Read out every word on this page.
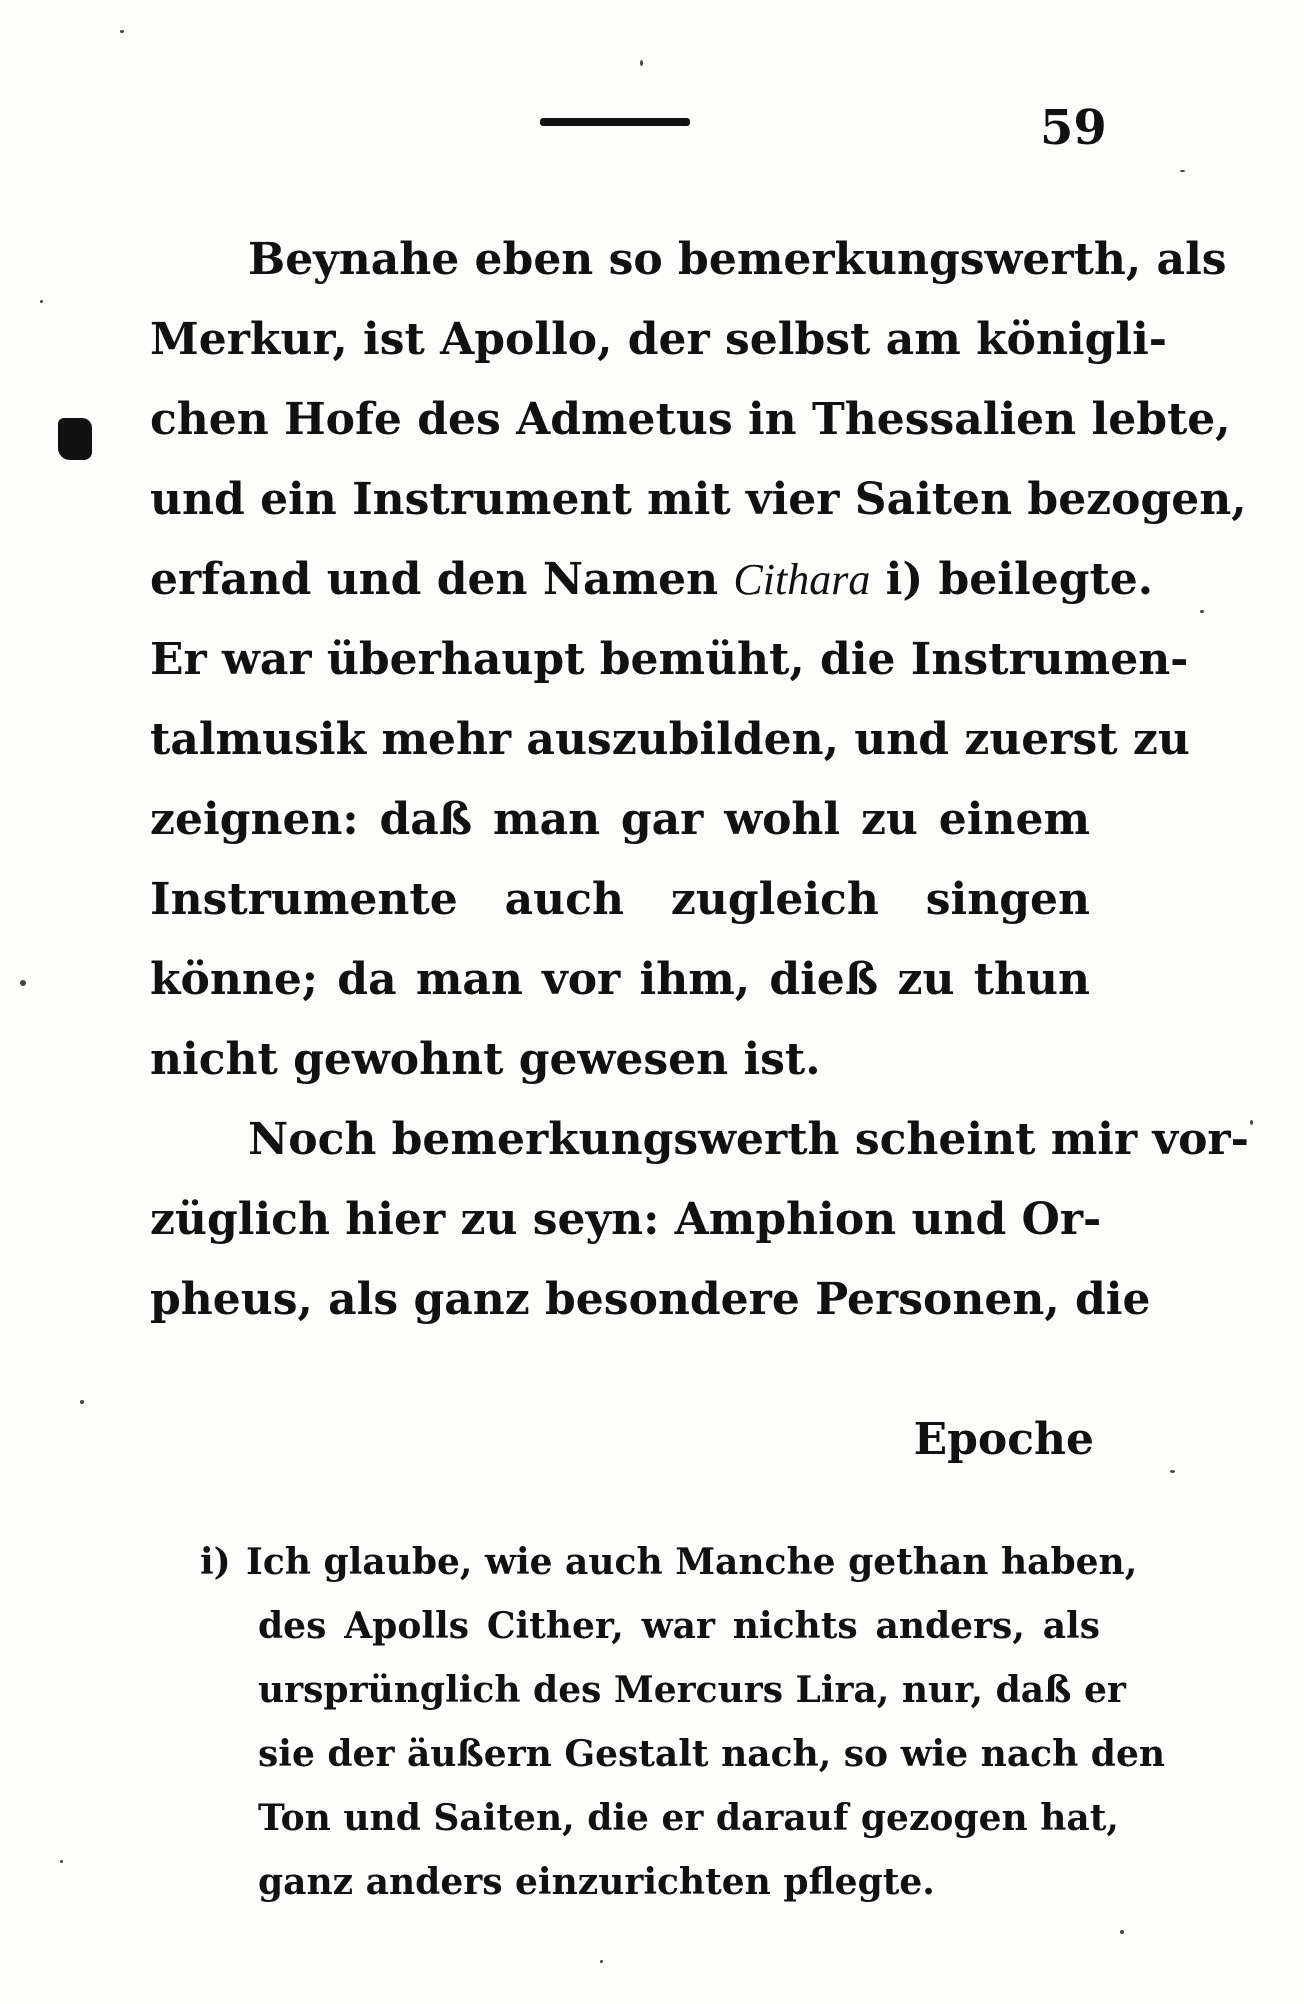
59
Beynahe eben so bemerkungswerth, als
Merkur, ist Apollo, der selbst am königli-
chen Hofe des Admetus in Thessalien lebte,
und ein Instrument mit vier Saiten bezogen,
erfand und den Namen Cithara i) beilegte.
Er war überhaupt bemüht, die Instrumen-
talmusik mehr auszubilden, und zuerst zu
zeignen: daß man gar wohl zu einem
Instrumente auch zugleich singen
könne; da man vor ihm, dieß zu thun
nicht gewohnt gewesen ist.
Noch bemerkungswerth scheint mir vor-
züglich hier zu seyn: Amphion und Or-
pheus, als ganz besondere Personen, die
Epoche
i) Ich glaube, wie auch Manche gethan haben,
des Apolls Cither, war nichts anders, als
ursprünglich des Mercurs Lira, nur, daß er
sie der äußern Gestalt nach, so wie nach den
Ton und Saiten, die er darauf gezogen hat,
ganz anders einzurichten pflegte.
